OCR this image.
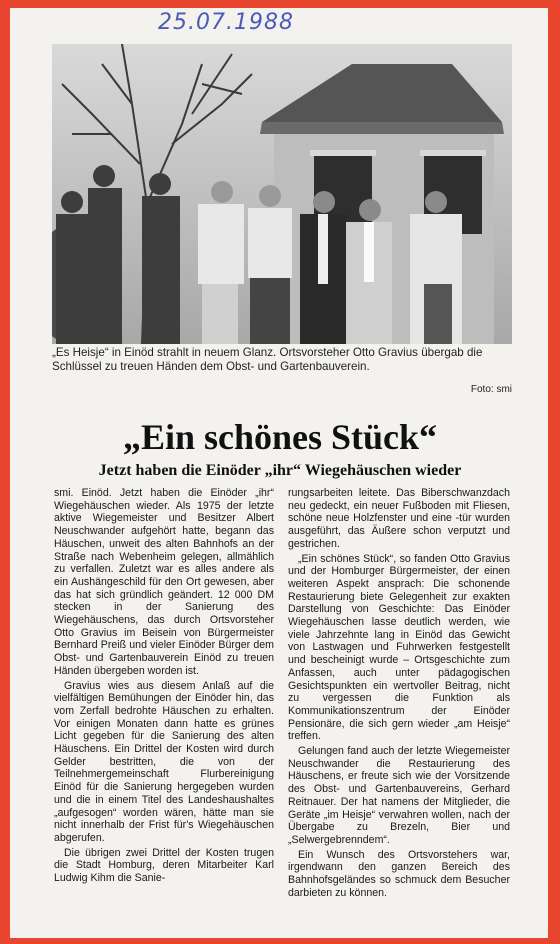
25.07.1988
„Es Heisje“ in Einöd strahlt in neuem Glanz. Ortsvorsteher Otto Gravius übergab die Schlüssel zu treuen Händen dem Obst- und Gartenbauverein.
Foto: smi
„Ein schönes Stück“
Jetzt haben die Einöder „ihr“ Wiegehäuschen wieder

smi. Einöd. Jetzt haben die Einöder „ihr“ Wiegehäuschen wieder. Als 1975 der letzte aktive Wiegemeister und Besitzer Albert Neuschwander aufgehört hatte, begann das Häuschen, unweit des alten Bahnhofs an der Straße nach Webenheim gelegen, allmählich zu verfallen. Zuletzt war es alles andere als ein Aushängeschild für den Ort gewesen, aber das hat sich gründlich geändert. 12 000 DM stecken in der Sanierung des Wiegehäuschens, das durch Ortsvorsteher Otto Gravius im Beisein von Bürgermeister Bernhard Preiß und vieler Einöder Bürger dem Obst- und Gartenbauverein Einöd zu treuen Händen übergeben worden ist.

Gravius wies aus diesem Anlaß auf die vielfältigen Bemühungen der Einöder hin, das vom Zerfall bedrohte Häuschen zu erhalten. Vor einigen Monaten dann hatte es grünes Licht gegeben für die Sanierung des alten Häuschens. Ein Drittel der Kosten wird durch Gelder bestritten, die von der Teilnehmergemeinschaft Flurbereinigung Einöd für die Sanierung hergegeben wurden und die in einem Titel des Landeshaushaltes „aufgesogen“ worden wären, hätte man sie nicht innerhalb der Frist für's Wiegehäuschen abgerufen.

Die übrigen zwei Drittel der Kosten trugen die Stadt Homburg, deren Mitarbeiter Karl Ludwig Kihm die Sanie-

rungsarbeiten leitete. Das Biberschwanzdach neu gedeckt, ein neuer Fußboden mit Fliesen, schöne neue Holzfenster und eine -tür wurden ausgeführt, das Äußere schon verputzt und gestrichen.

„Ein schönes Stück“, so fanden Otto Gravius und der Homburger Bürgermeister, der einen weiteren Aspekt ansprach: Die schonende Restaurierung biete Gelegenheit zur exakten Darstellung von Geschichte: Das Einöder Wiegehäuschen lasse deutlich werden, wie viele Jahrzehnte lang in Einöd das Gewicht von Lastwagen und Fuhrwerken festgestellt und bescheinigt wurde – Ortsgeschichte zum Anfassen, auch unter pädagogischen Gesichtspunkten ein wertvoller Beitrag, nicht zu vergessen die Funktion als Kommunikationszentrum der Einöder Pensionäre, die sich gern wieder „am Heisje“ treffen.

Gelungen fand auch der letzte Wiegemeister Neuschwander die Restaurierung des Häuschens, er freute sich wie der Vorsitzende des Obst- und Gartenbauvereins, Gerhard Reitnauer. Der hat namens der Mitglieder, die Geräte „im Heisje“ verwahren wollen, nach der Übergabe zu Brezeln, Bier und „Selwergebrenndem“.

Ein Wunsch des Ortsvorstehers war, irgendwann den ganzen Bereich des Bahnhofsgeländes so schmuck dem Besucher darbieten zu können.
